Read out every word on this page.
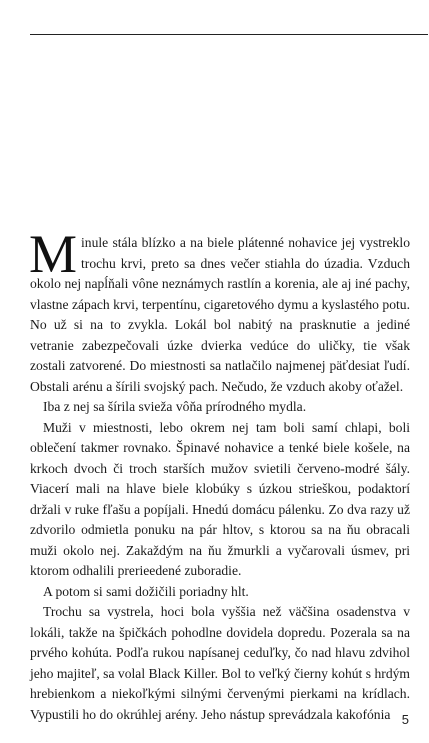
Minule stála blízko a na biele plátenné nohavice jej vystreklo trochu krvi, preto sa dnes večer stiahla do úzadia. Vzduch okolo nej napĺňali vône neznámych rastlín a korenia, ale aj iné pachy, vlastne zápach krvi, terpentínu, cigaretového dymu a kyslastého potu. No už si na to zvykla. Lokál bol nabitý na prasknutie a jediné vetranie zabezpečovali úzke dvierka vedúce do uličky, tie však zostali zatvorené. Do miestnosti sa natlačilo najmenej päťdesiat ľudí. Obstali arénu a šírili svojský pach. Nečudo, že vzduch akoby oťažel.

Iba z nej sa šírila svieža vôňa prírodného mydla.

Muži v miestnosti, lebo okrem nej tam boli samí chlapi, boli oblečení takmer rovnako. Špinavé nohavice a tenké biele košele, na krkoch dvoch či troch starších mužov svietili červeno-modré šály. Viacerí mali na hlave biele klobúky s úzkou strieškou, podaktorí držali v ruke fľašu a popíjali. Hnedú domácu pálenku. Zo dva razy už zdvorilo odmietla ponuku na pár hltov, s ktorou sa na ňu obracali muži okolo nej. Zakaždým na ňu žmurkli a vyčarovali úsmev, pri ktorom odhalili prerieedené zuboradie.

A potom si sami dožičili poriadny hlt.

Trochu sa vystrela, hoci bola vyššia než väčšina osadenstva v lokáli, takže na špičkách pohodlne dovidela dopredu. Pozerala sa na prvého kohúta. Podľa rukou napísanej ceduľky, čo nad hlavu zdvihol jeho majiteľ, sa volal Black Killer. Bol to veľký čierny kohút s hrdým hrebienkom a niekoľkými silnými červenými pierkami na krídlach. Vypustili ho do okrúhlej arény. Jeho nástup sprevádzala kakofónia 5
